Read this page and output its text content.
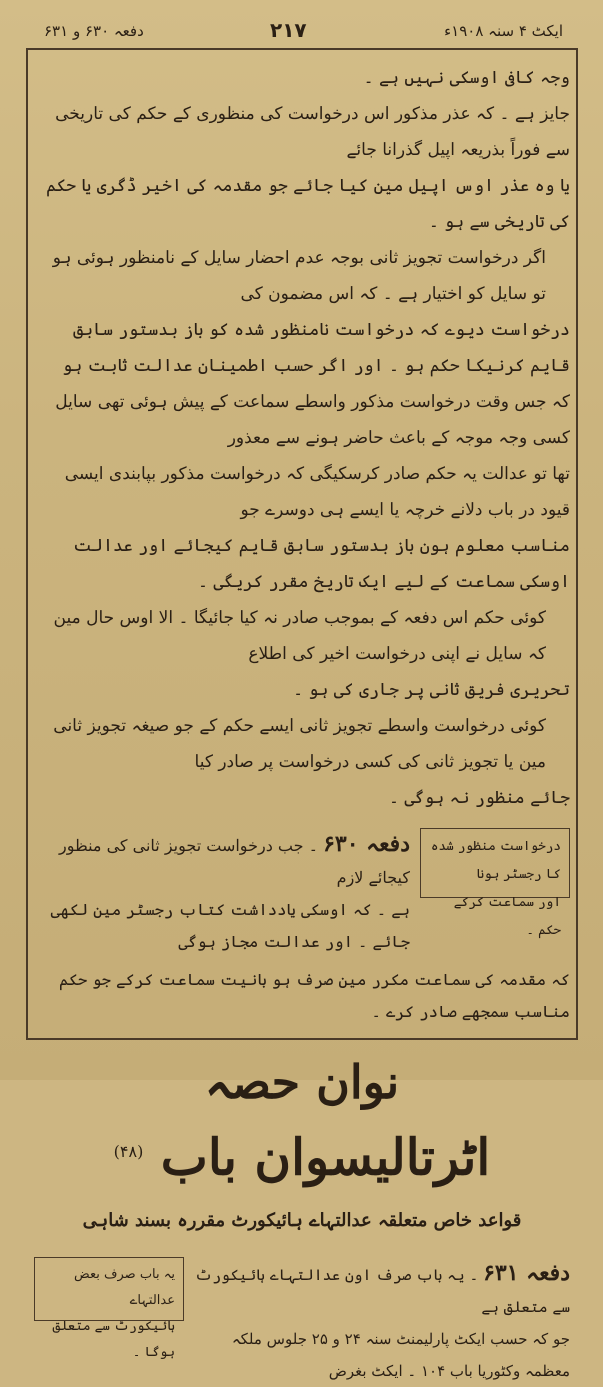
دفعہ ۶۳۰ و ۶۳۱	۲۱۷	ایکٹ ۴ سنہ ۱۹۰۸ء

وجہ کافی اوسکی نہیں ہے ۔

جایز ہے ۔ کہ عذر مذکور اس درخواست کی منظوری کے حکم کی تاریخی سے فوراً بذریعہ اپیل گذرانا جائے

یا وہ عذر اوس اپیل مین کیا جائے جو مقدمہ کی اخیر ڈگری یا حکم کی تاریخی سے ہو ۔

اگر درخواست تجویز ثانی بوجہ عدم احضار سایل کے نامنظور ہوئی ہو تو سایل کو اختیار ہے ۔ کہ اس مضمون کی

درخواست دیوے کہ درخواست نامنظور شدہ کو باز بدستور سابق قایم کرنیکا حکم ہو ۔ اور اگر حسب اطمینان عدالت ثابت ہو

کہ جس وقت درخواست مذکور واسطے سماعت کے پیش ہوئی تھی سایل کسی وجہ موجہ کے باعث حاضر ہونے سے معذور

تھا تو عدالت یہ حکم صادر کرسکیگی کہ درخواست مذکور بپابندی ایسی قیود در باب دلانے خرچہ یا ایسے ہی دوسرے جو

مناسب معلوم ہون باز بدستور سابق قایم کیجائے اور عدالت اوسکی سماعت کے لیے ایک تاریخ مقرر کریگی ۔

کوئی حکم اس دفعہ کے بموجب صادر نہ کیا جائیگا ۔ الا اوس حال مین کہ سایل نے اپنی درخواست اخیر کی اطلاع

تحریری فریق ثانی پر جاری کی ہو ۔

کوئی درخواست واسطے تجویز ثانی ایسے حکم کے جو صیغہ تجویز ثانی مین یا تجویز ثانی کی کسی درخواست پر صادر کیا

جائے منظور نہ ہوگی ۔

درخواست منظور شدہ کا رجسٹر ہونا
اور سماعت کرکے حکم ۔
دفعہ ۶۳۰ ۔ جب درخواست تجویز ثانی کی منظور کیجائے لازم
ہے ۔ کہ اوسکی یادداشت کتاب رجسٹر مین لکھی جائے ۔ اور عدالت مجاز ہوگی

کہ مقدمہ کی سماعت مکرر مین صرف ہو بانیت سماعت کرکے جو حکم مناسب سمجھے صادر کرے ۔

نوان حصہ
اٹرتالیسوان باب $^{(۴۸)}$
قواعد خاص متعلقہ عدالتہاے ہائیکورٹ مقررہ بسند شاہی
دفعہ ۶۳۱ ۔ یہ باب صرف اون عدالتہاے ہائیکورٹ سے متعلق ہے
جو کہ حسب ایکٹ پارلیمنٹ سنہ ۲۴ و ۲۵ جلوس ملکہ معظمہ وکٹوریا باب ۱۰۴ ۔ ایکٹ بغرض
یہ باب صرف بعض عدالتہاے
ہائیکورٹ سے متعلق ہوگا ۔
